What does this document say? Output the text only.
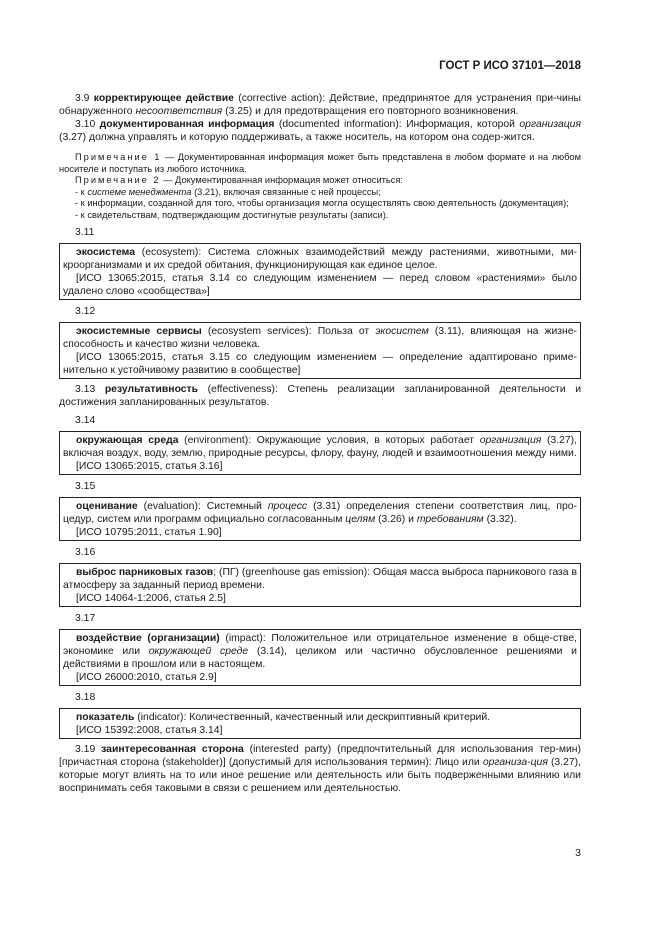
ГОСТ Р ИСО 37101—2018

3.9 корректирующее действие (corrective action): Действие, предпринятое для устранения при-чины обнаруженного несоответствия (3.25) и для предотвращения его повторного возникновения.

3.10 документированная информация (documented information): Информация, которой организация (3.27) должна управлять и которую поддерживать, а также носитель, на котором она содер-жится.

Примечание 1 — Документированная информация может быть представлена в любом формате и на любом носителе и поступать из любого источника.

Примечание 2 — Документированная информация может относиться:

- к системе менеджмента (3.21), включая связанные с ней процессы;

- к информации, созданной для того, чтобы организация могла осуществлять свою деятельность (документация);

- к свидетельствам, подтверждающим достигнутые результаты (записи).

3.11

экосистема (ecosystem): Система сложных взаимодействий между растениями, животными, ми-кроорганизмами и их средой обитания, функционирующая как единое целое.

[ИСО 13065:2015, статья 3.14 со следующим изменением — перед словом «растениями» было удалено слово «сообщества»]

3.12

экосистемные сервисы (ecosystem services): Польза от экосистем (3.11), влияющая на жизне-способность и качество жизни человека.

[ИСО 13065:2015, статья 3.15 со следующим изменением — определение адаптировано приме-нительно к устойчивому развитию в сообществе]

3.13 результативность (effectiveness): Степень реализации запланированной деятельности и достижения запланированных результатов.

3.14

окружающая среда (environment): Окружающие условия, в которых работает организация (3.27), включая воздух, воду, землю, природные ресурсы, флору, фауну, людей и взаимоотношения между ними.

[ИСО 13065:2015, статья 3.16]

3.15

оценивание (evaluation): Системный процесс (3.31) определения степени соответствия лиц, про-цедур, систем или программ официально согласованным целям (3.26) и требованиям (3.32).

[ИСО 10795:2011, статья 1.90]

3.16

выброс парниковых газов; (ПГ) (greenhouse gas emission): Общая масса выброса парникового газа в атмосферу за заданный период времени.

[ИСО 14064-1:2006, статья 2.5]

3.17

воздействие (организации) (impact): Положительное или отрицательное изменение в обще-стве, экономике или окружающей среде (3.14), целиком или частично обусловленное решениями и действиями в прошлом или в настоящем.

[ИСО 26000:2010, статья 2.9]

3.18

показатель (indicator): Количественный, качественный или дескриптивный критерий.

[ИСО 15392:2008, статья 3.14]

3.19 заинтересованная сторона (interested party) (предпочтительный для использования тер-мин) [причастная сторона (stakeholder)] (допустимый для использования термин): Лицо или организа-ция (3.27), которые могут влиять на то или иное решение или деятельность или быть подверженными влиянию или воспринимать себя таковыми в связи с решением или деятельностью.

3
